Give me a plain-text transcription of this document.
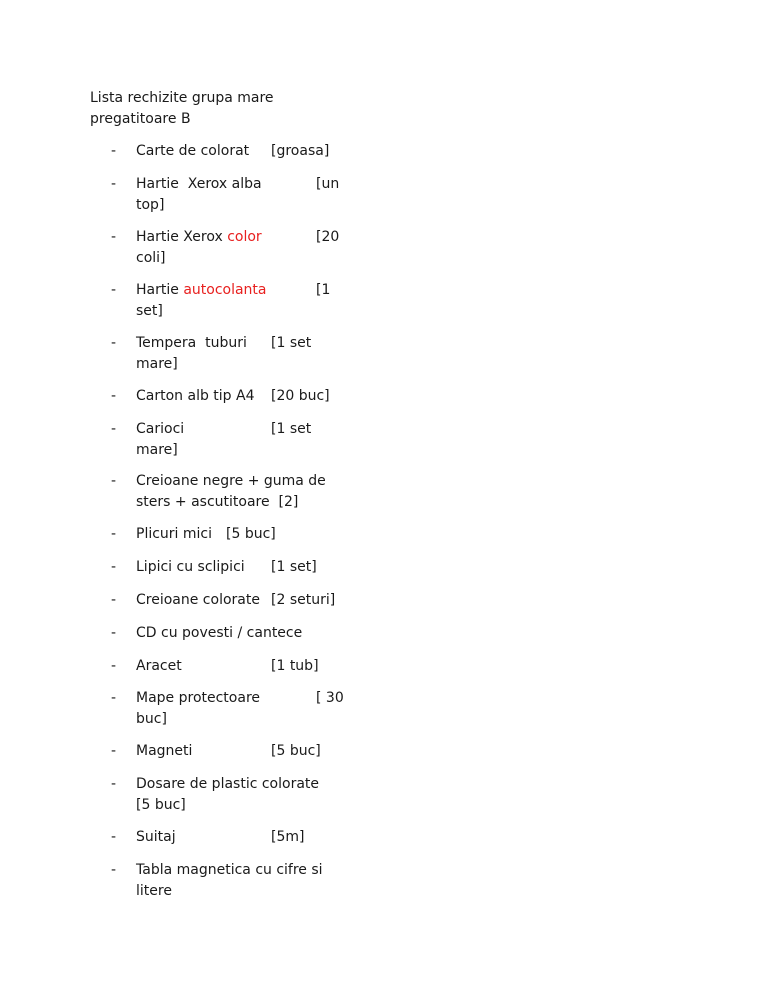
Lista rechizite grupa mare
pregatitoare B
- Carte de colorat [groasa]
- Hartie  Xerox alba	[un
top]
- Hartie Xerox color	[20
coli]
- Hartie autocolanta	[1
set]
- Tempera  tuburi [1 set
mare]
- Carton alb tip A4 [20 buc]
- Carioci	[1 set
mare]
- Creioane negre + guma de
sters + ascutitoare  [2]
- Plicuri mici [5 buc]
- Lipici cu sclipici [1 set]
- Creioane colorate [2 seturi]
- CD cu povesti / cantece
- Aracet	[1 tub]
- Mape protectoare	[ 30
buc]
- Magneti	[5 buc]
- Dosare de plastic colorate
[5 buc]
- Suitaj	[5m]
- Tabla magnetica cu cifre si
litere
